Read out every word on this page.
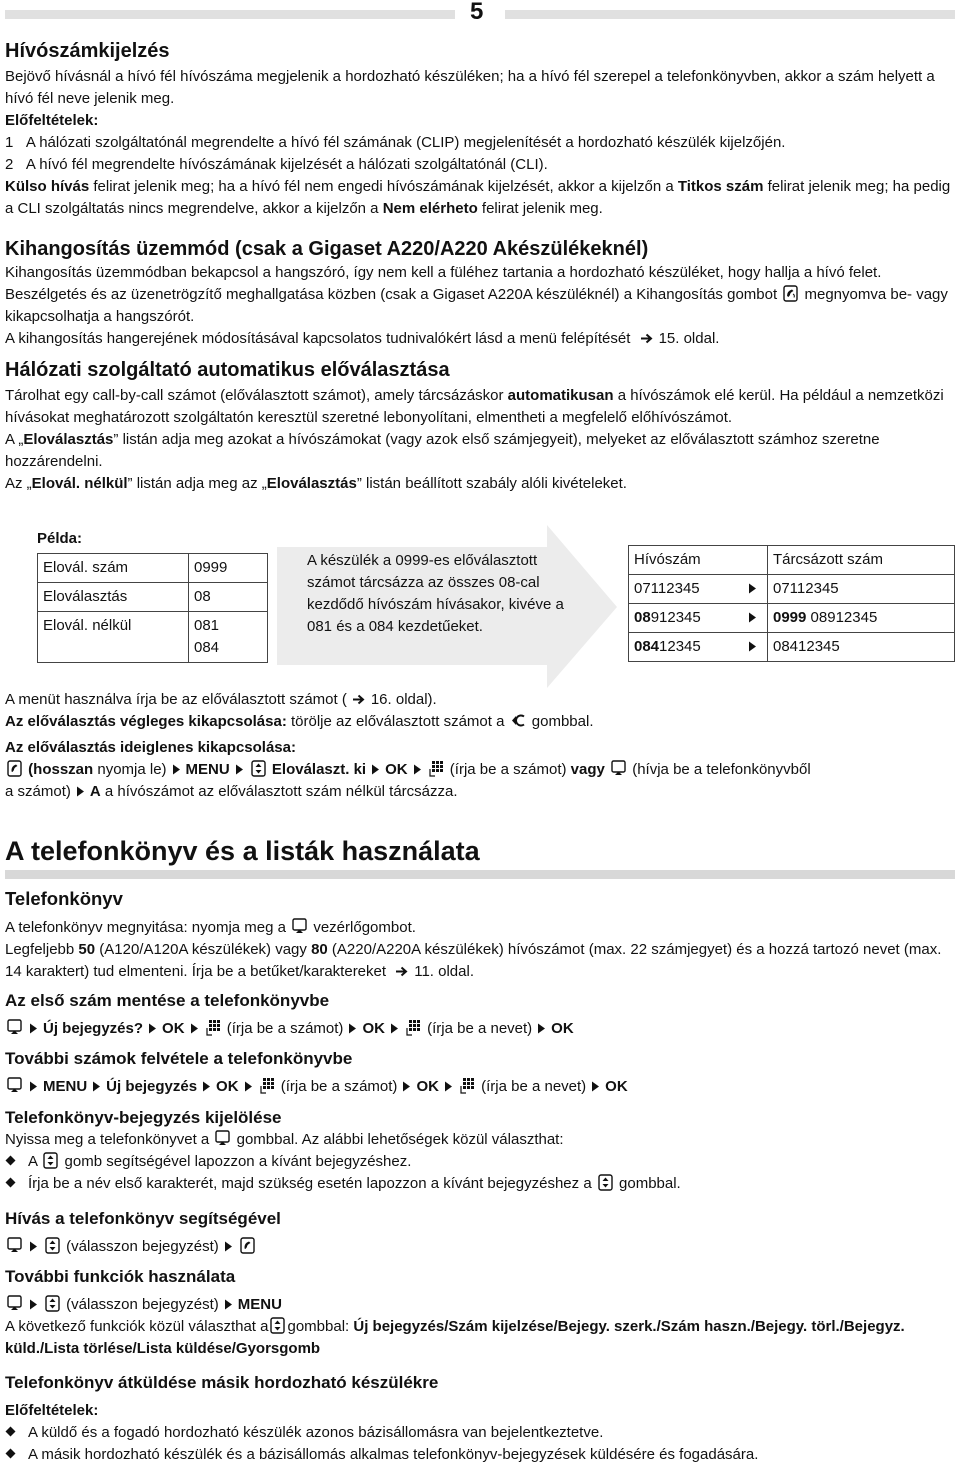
5

Hívószámkijelzés

Bejövő hívásnál a hívó fél hívószáma megjelenik a hordozható készüléken; ha a hívó fél szerepel a telefonkönyvben, akkor a szám helyett a hívó fél neve jelenik meg.

Előfeltételek:

1 A hálózati szolgáltatónál megrendelte a hívó fél számának (CLIP) megjelenítését a hordozható készülék kijelzőjén.

2 A hívó fél megrendelte hívószámának kijelzését a hálózati szolgáltatónál (CLI).

Külso hívás felirat jelenik meg; ha a hívó fél nem engedi hívószámának kijelzését, akkor a kijelzőn a Titkos szám felirat jelenik meg; ha pedig a CLI szolgáltatás nincs megrendelve, akkor a kijelzőn a Nem elérheto felirat jelenik meg.

Kihangosítás üzemmód (csak a Gigaset A220/A220 Akészülékeknél)

Kihangosítás üzemmódban bekapcsol a hangszóró, így nem kell a füléhez tartania a hordozható készüléket, hogy hallja a hívó felet. Beszélgetés és az üzenetrögzítő meghallgatása közben (csak a Gigaset A220A készüléknél) a Kihangosítás gombot megnyomva be- vagy kikapcsolhatja a hangszórót.

A kihangosítás hangerejének módosításával kapcsolatos tudnivalókért lásd a menü felépítését 15. oldal.

Hálózati szolgáltató automatikus előválasztása

Tárolhat egy call-by-call számot (előválasztott számot), amely tárcsázáskor automatikusan a hívószámok elé kerül. Ha például a nemzetközi hívásokat meghatározott szolgáltatón keresztül szeretné lebonyolítani, elmentheti a megfelelő előhívószámot.

A „Eloválasztás” listán adja meg azokat a hívószámokat (vagy azok első számjegyeit), melyeket az előválasztott számhoz szeretne hozzárendelni.

Az „Elovál. nélkül” listán adja meg az „Eloválasztás” listán beállított szabály alóli kivételeket.

Példa:

Elovál. szám	0999
Eloválasztás	08
Elovál. nélkül	081
084

A készülék a 0999-es előválasztott számot tárcsázza az összes 08-cal kezdődő hívószám hívásakor, kivéve a 081 és a 084 kezdetűeket.

Hívószám	Tárcsázott szám
07112345	07112345
08912345	0999 08912345
08412345	08412345

A menüt használva írja be az előválasztott számot ( 16. oldal).

Az előválasztás végleges kikapcsolása: törölje az előválasztott számot a gombbal.

Az előválasztás ideiglenes kikapcsolása:

(hosszan nyomja le) MENU	Eloválaszt. ki OK	(írja be a számot) vagy (hívja be a telefonkönyvből

a számot) A a hívószámot az előválasztott szám nélkül tárcsázza.

A telefonkönyv és a listák használata

Telefonkönyv

A telefonkönyv megnyitása: nyomja meg a vezérlőgombot.

Legfeljebb 50 (A120/A120A készülékek) vagy 80 (A220/A220A készülékek) hívószámot (max. 22 számjegyet) és a hozzá tartozó nevet (max. 14 karaktert) tud elmenteni. Írja be a betűket/karaktereket 11. oldal.

Az első szám mentése a telefonkönyvbe

Új bejegyzés? OK	(írja be a számot) OK	(írja be a nevet) OK

További számok felvétele a telefonkönyvbe

MENU Új bejegyzés OK	(írja be a számot) OK	(írja be a nevet) OK

Telefonkönyv-bejegyzés kijelölése

Nyissa meg a telefonkönyvet a gombbal. Az alábbi lehetőségek közül választhat:

A gomb segítségével lapozzon a kívánt bejegyzéshez.

Írja be a név első karakterét, majd szükség esetén lapozzon a kívánt bejegyzéshez a gombbal.

Hívás a telefonkönyv segítségével

(válasszon bejegyzést)

További funkciók használata

(válasszon bejegyzést) MENU

A következő funkciók közül választhat a gombbal: Új bejegyzés/Szám kijelzése/Bejegy. szerk./Szám haszn./Bejegy. törl./Bejegyz. küld./Lista törlése/Lista küldése/Gyorsgomb

Telefonkönyv átküldése másik hordozható készülékre

Előfeltételek:

A küldő és a fogadó hordozható készülék azonos bázisállomásra van bejelentkeztetve.

A másik hordozható készülék és a bázisállomás alkalmas telefonkönyv-bejegyzések küldésére és fogadására.
